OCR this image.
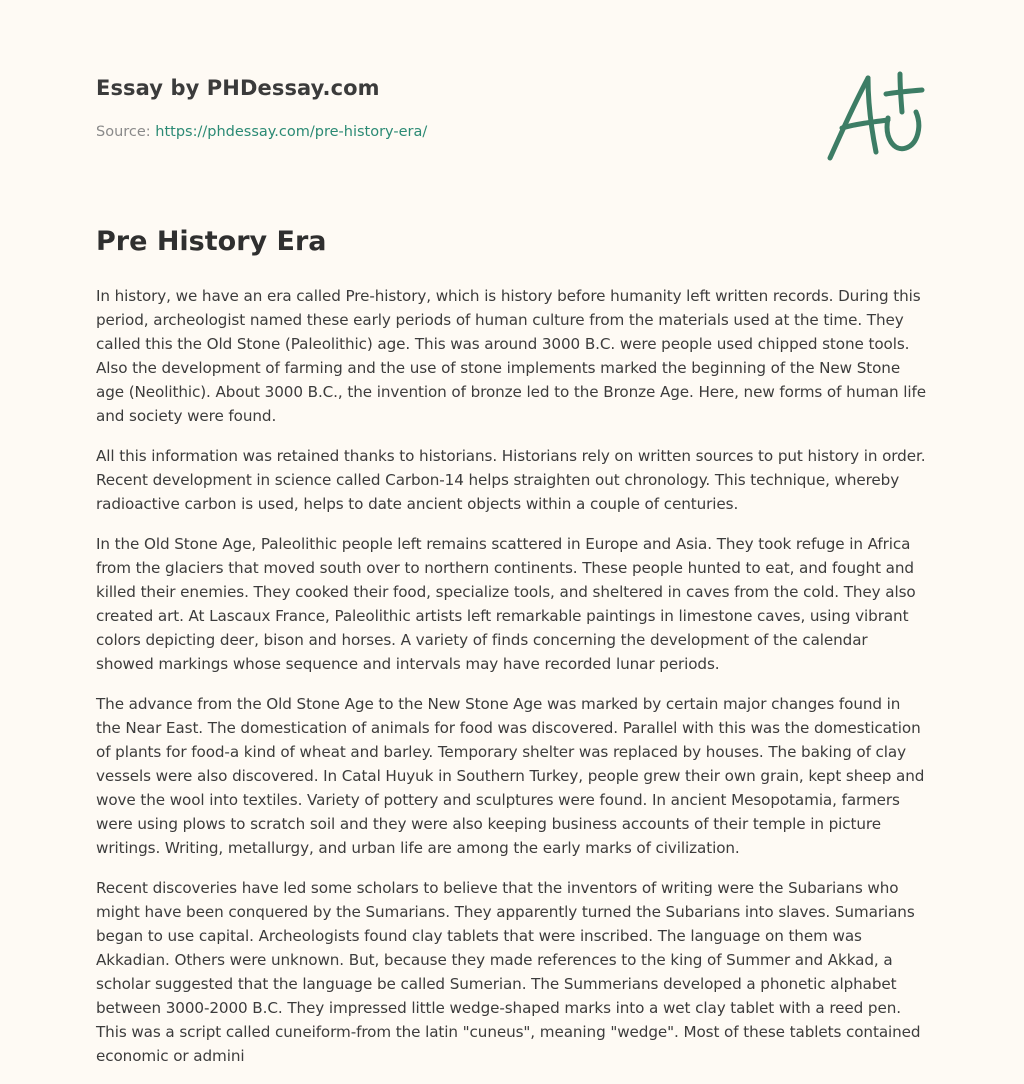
Essay by PHDessay.com
Source: https://phdessay.com/pre-history-era/
Pre History Era

In history, we have an era called Pre-history, which is history before humanity left written records. During this period, archeologist named these early periods of human culture from the materials used at the time. They called this the Old Stone (Paleolithic) age. This was around 3000 B.C. were people used chipped stone tools. Also the development of farming and the use of stone implements marked the beginning of the New Stone age (Neolithic). About 3000 B.C., the invention of bronze led to the Bronze Age. Here, new forms of human life and society were found.

All this information was retained thanks to historians. Historians rely on written sources to put history in order. Recent development in science called Carbon-14 helps straighten out chronology. This technique, whereby radioactive carbon is used, helps to date ancient objects within a couple of centuries.

In the Old Stone Age, Paleolithic people left remains scattered in Europe and Asia. They took refuge in Africa from the glaciers that moved south over to northern continents. These people hunted to eat, and fought and killed their enemies. They cooked their food, specialize tools, and sheltered in caves from the cold. They also created art. At Lascaux France, Paleolithic artists left remarkable paintings in limestone caves, using vibrant colors depicting deer, bison and horses. A variety of finds concerning the development of the calendar showed markings whose sequence and intervals may have recorded lunar periods.

The advance from the Old Stone Age to the New Stone Age was marked by certain major changes found in the Near East. The domestication of animals for food was discovered. Parallel with this was the domestication of plants for food-a kind of wheat and barley. Temporary shelter was replaced by houses. The baking of clay vessels were also discovered. In Catal Huyuk in Southern Turkey, people grew their own grain, kept sheep and wove the wool into textiles. Variety of pottery and sculptures were found. In ancient Mesopotamia, farmers were using plows to scratch soil and they were also keeping business accounts of their temple in picture writings. Writing, metallurgy, and urban life are among the early marks of civilization.

Recent discoveries have led some scholars to believe that the inventors of writing were the Subarians who might have been conquered by the Sumarians. They apparently turned the Subarians into slaves. Sumarians began to use capital. Archeologists found clay tablets that were inscribed. The language on them was Akkadian. Others were unknown. But, because they made references to the king of Summer and Akkad, a scholar suggested that the language be called Sumerian. The Summerians developed a phonetic alphabet between 3000-2000 B.C. They impressed little wedge-shaped marks into a wet clay tablet with a reed pen. This was a script called cuneiform-from the latin "cuneus", meaning "wedge". Most of these tablets contained economic or admini
